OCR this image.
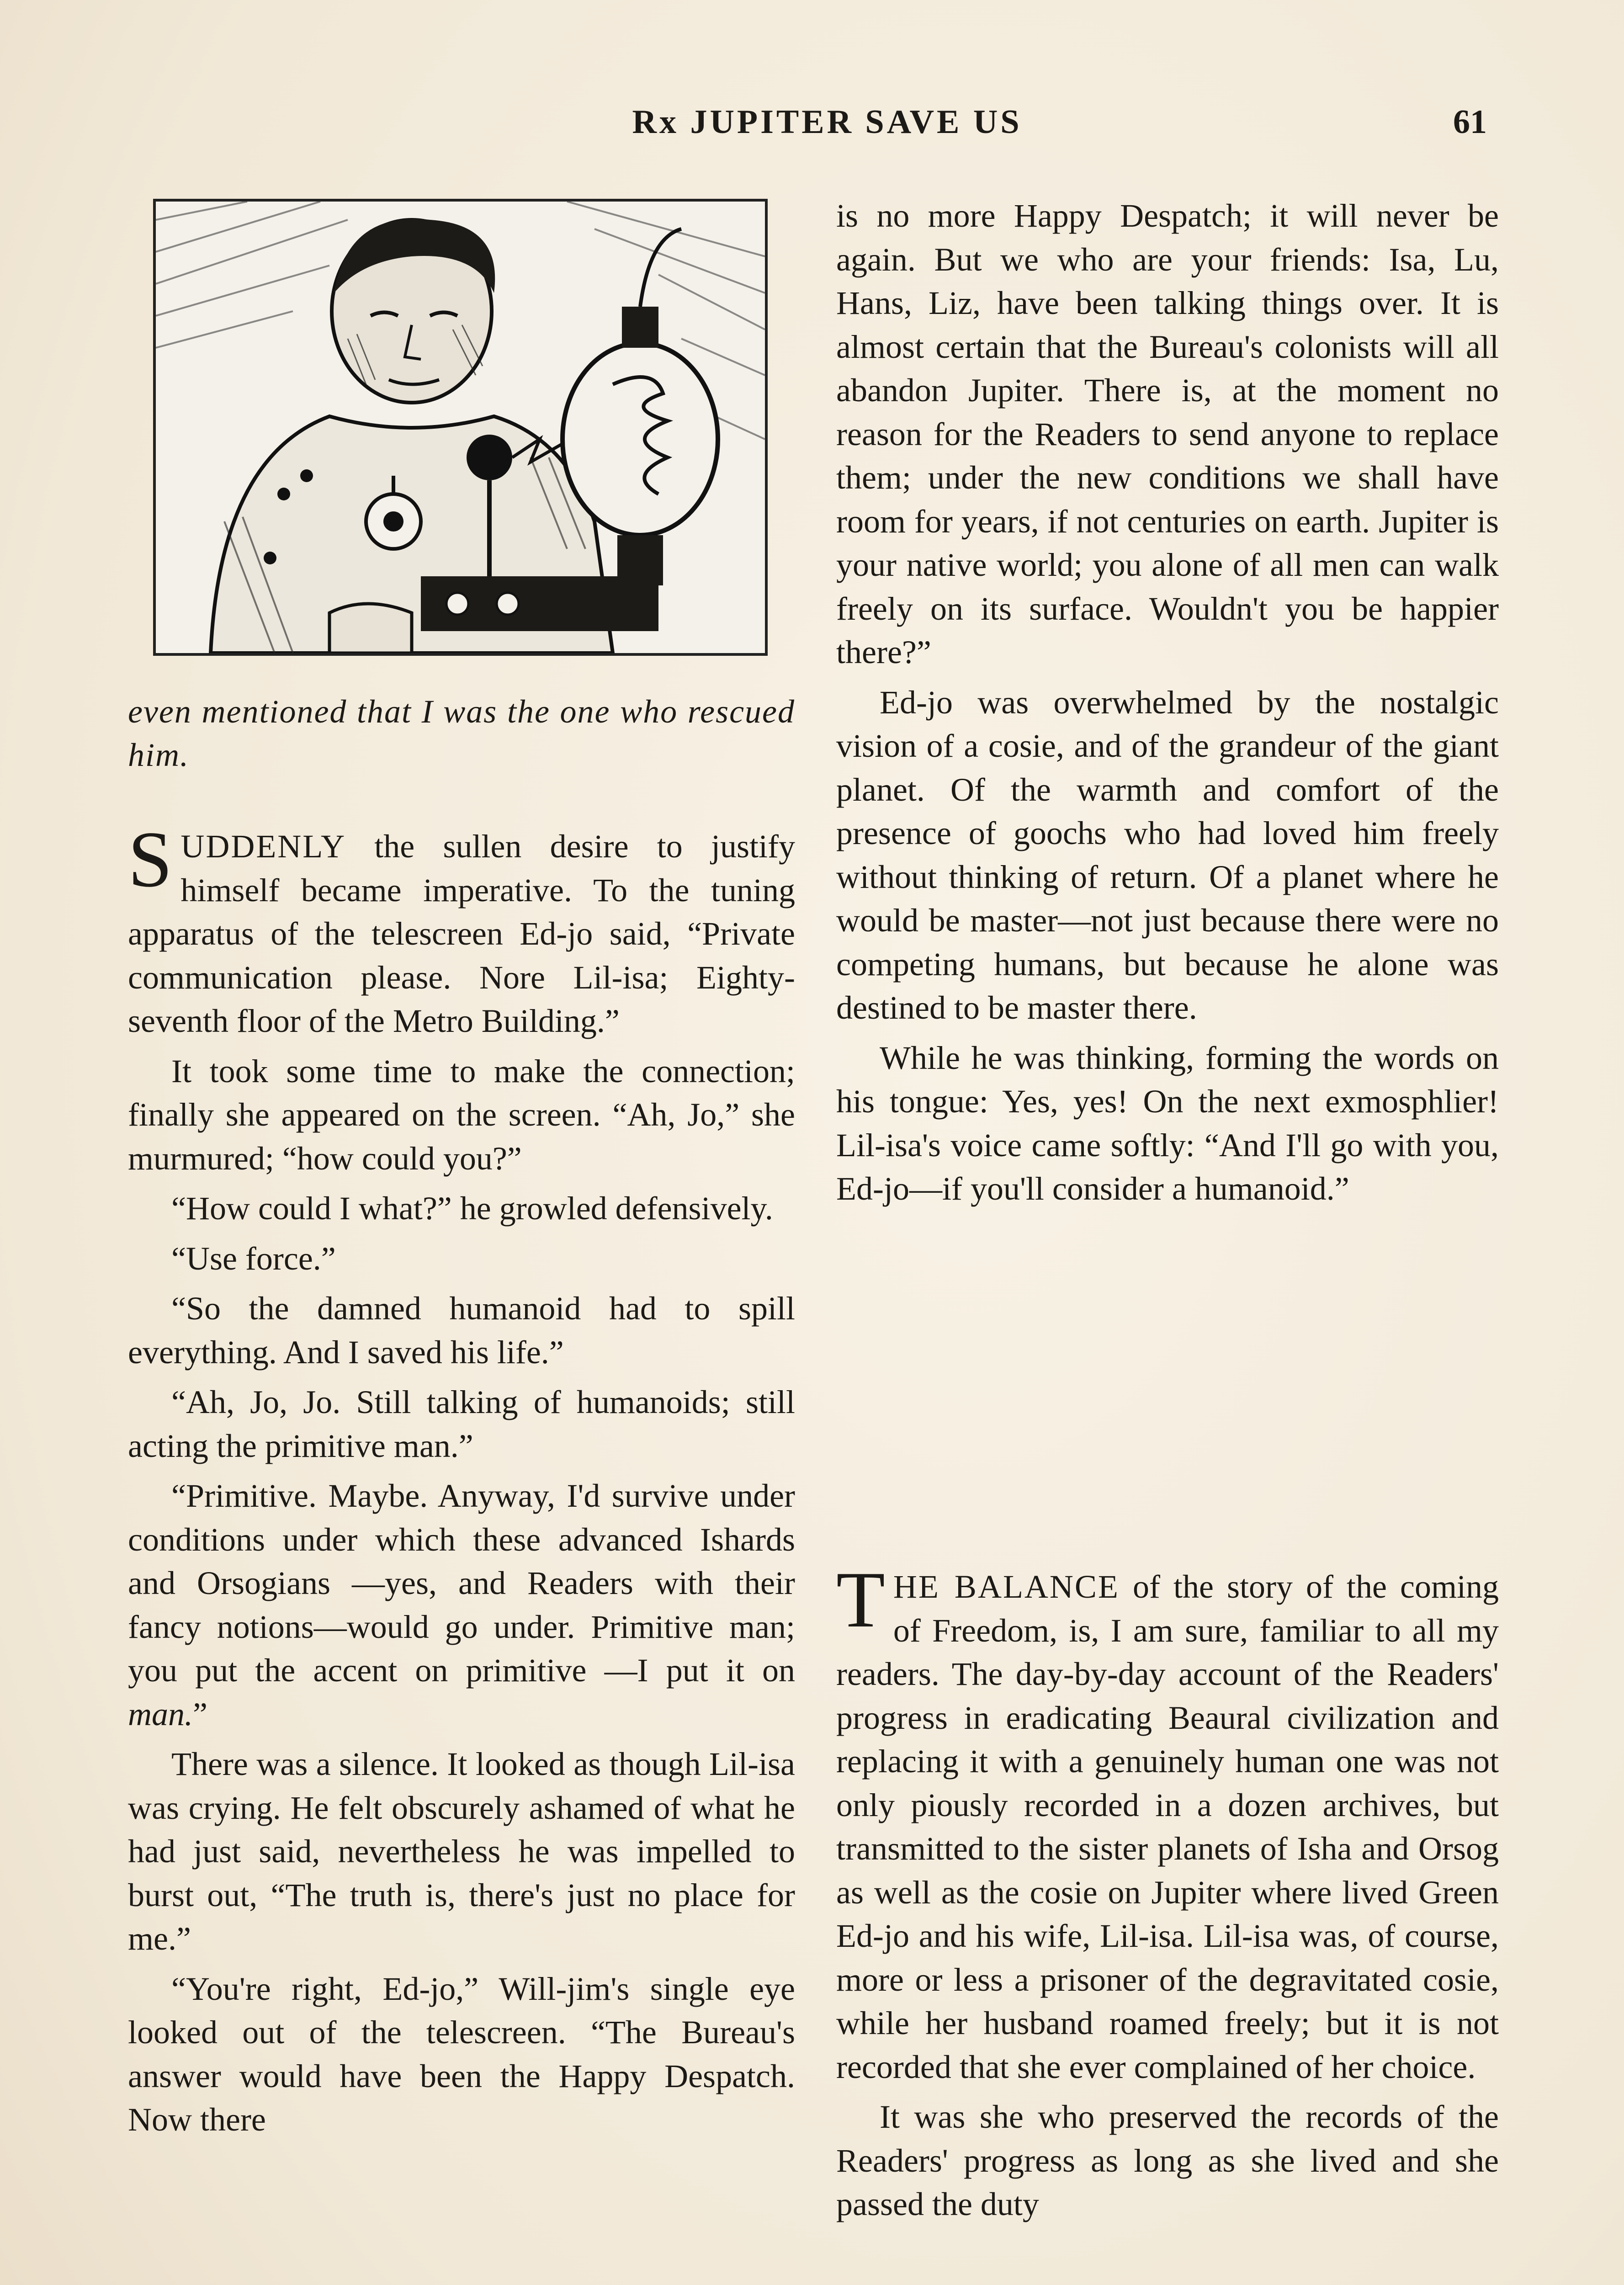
Rx JUPITER SAVE US	61
even mentioned that I was the one who rescued him.

SUDDENLY the sullen desire to justify himself became imperative. To the tuning apparatus of the telescreen Ed-jo said, “Private communication please. Nore Lil-isa; Eighty-seventh floor of the Metro Building.”

It took some time to make the connection; finally she appeared on the screen. “Ah, Jo,” she murmured; “how could you?”

“How could I what?” he growled defensively.

“Use force.”

“So the damned humanoid had to spill everything. And I saved his life.”

“Ah, Jo, Jo. Still talking of humanoids; still acting the primitive man.”

“Primitive. Maybe. Anyway, I'd survive under conditions under which these advanced Ishards and Orsogians —yes, and Readers with their fancy notions—would go under. Primitive man; you put the accent on primitive —I put it on man.”

There was a silence. It looked as though Lil-isa was crying. He felt obscurely ashamed of what he had just said, nevertheless he was impelled to burst out, “The truth is, there's just no place for me.”

“You're right, Ed-jo,” Will-jim's single eye looked out of the telescreen. “The Bureau's answer would have been the Happy Despatch. Now there

is no more Happy Despatch; it will never be again. But we who are your friends: Isa, Lu, Hans, Liz, have been talking things over. It is almost certain that the Bureau's colonists will all abandon Jupiter. There is, at the moment no reason for the Readers to send anyone to replace them; under the new conditions we shall have room for years, if not centuries on earth. Jupiter is your native world; you alone of all men can walk freely on its surface. Wouldn't you be happier there?”

Ed-jo was overwhelmed by the nostalgic vision of a cosie, and of the grandeur of the giant planet. Of the warmth and comfort of the presence of goochs who had loved him freely without thinking of return. Of a planet where he would be master—not just because there were no competing humans, but because he alone was destined to be master there.

While he was thinking, forming the words on his tongue: Yes, yes! On the next exmosphlier! Lil-isa's voice came softly: “And I'll go with you, Ed-jo—if you'll consider a humanoid.”

THE BALANCE of the story of the coming of Freedom, is, I am sure, familiar to all my readers. The day-by-day account of the Readers' progress in eradicating Beaural civilization and replacing it with a genuinely human one was not only piously recorded in a dozen archives, but transmitted to the sister planets of Isha and Orsog as well as the cosie on Jupiter where lived Green Ed-jo and his wife, Lil-isa. Lil-isa was, of course, more or less a prisoner of the degravitated cosie, while her husband roamed freely; but it is not recorded that she ever complained of her choice.

It was she who preserved the records of the Readers' progress as long as she lived and she passed the duty
